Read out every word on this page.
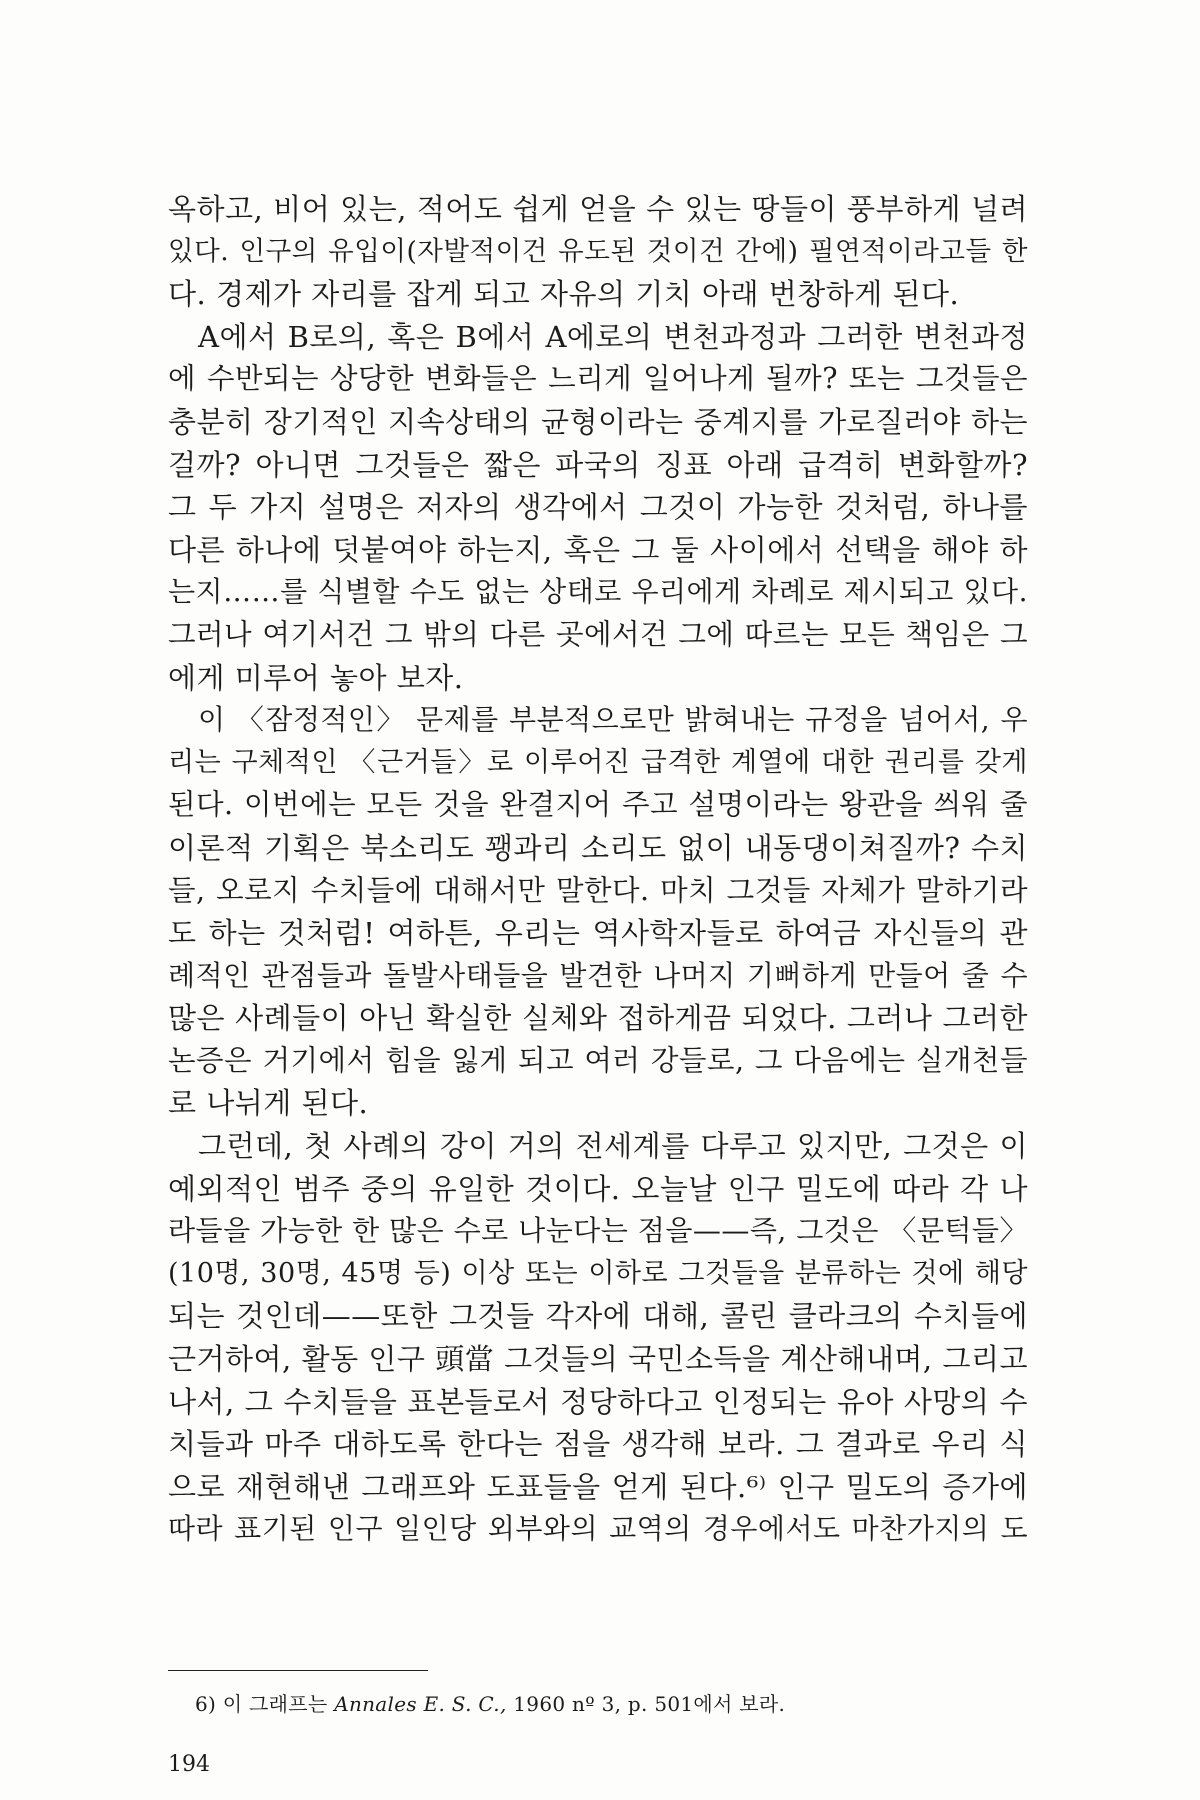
옥하고, 비어 있는, 적어도 쉽게 얻을 수 있는 땅들이 풍부하게 널려
있다. 인구의 유입이(자발적이건 유도된 것이건 간에) 필연적이라고들 한
다. 경제가 자리를 잡게 되고 자유의 기치 아래 번창하게 된다.
A에서 B로의, 혹은 B에서 A에로의 변천과정과 그러한 변천과정
에 수반되는 상당한 변화들은 느리게 일어나게 될까? 또는 그것들은
충분히 장기적인 지속상태의 균형이라는 중계지를 가로질러야 하는
걸까? 아니면 그것들은 짧은 파국의 징표 아래 급격히 변화할까?
그 두 가지 설명은 저자의 생각에서 그것이 가능한 것처럼, 하나를
다른 하나에 덧붙여야 하는지, 혹은 그 둘 사이에서 선택을 해야 하
는지……를 식별할 수도 없는 상태로 우리에게 차례로 제시되고 있다.
그러나 여기서건 그 밖의 다른 곳에서건 그에 따르는 모든 책임은 그
에게 미루어 놓아 보자.
이 〈잠정적인〉 문제를 부분적으로만 밝혀내는 규정을 넘어서, 우
리는 구체적인 〈근거들〉로 이루어진 급격한 계열에 대한 권리를 갖게
된다. 이번에는 모든 것을 완결지어 주고 설명이라는 왕관을 씌워 줄
이론적 기획은 북소리도 꽹과리 소리도 없이 내동댕이쳐질까? 수치
들, 오로지 수치들에 대해서만 말한다. 마치 그것들 자체가 말하기라
도 하는 것처럼! 여하튼, 우리는 역사학자들로 하여금 자신들의 관
례적인 관점들과 돌발사태들을 발견한 나머지 기뻐하게 만들어 줄 수
많은 사례들이 아닌 확실한 실체와 접하게끔 되었다. 그러나 그러한
논증은 거기에서 힘을 잃게 되고 여러 강들로, 그 다음에는 실개천들
로 나뉘게 된다.
그런데, 첫 사례의 강이 거의 전세계를 다루고 있지만, 그것은 이
예외적인 범주 중의 유일한 것이다. 오늘날 인구 밀도에 따라 각 나
라들을 가능한 한 많은 수로 나눈다는 점을——즉, 그것은 〈문턱들〉
(10명, 30명, 45명 등) 이상 또는 이하로 그것들을 분류하는 것에 해당
되는 것인데——또한 그것들 각자에 대해, 콜린 클라크의 수치들에
근거하여, 활동 인구 頭當 그것들의 국민소득을 계산해내며, 그리고
나서, 그 수치들을 표본들로서 정당하다고 인정되는 유아 사망의 수
치들과 마주 대하도록 한다는 점을 생각해 보라. 그 결과로 우리 식
으로 재현해낸 그래프와 도표들을 얻게 된다.⁶⁾ 인구 밀도의 증가에
따라 표기된 인구 일인당 외부와의 교역의 경우에서도 마찬가지의 도
6) 이 그래프는 Annales E. S. C., 1960 nº 3, p. 501에서 보라.
194
